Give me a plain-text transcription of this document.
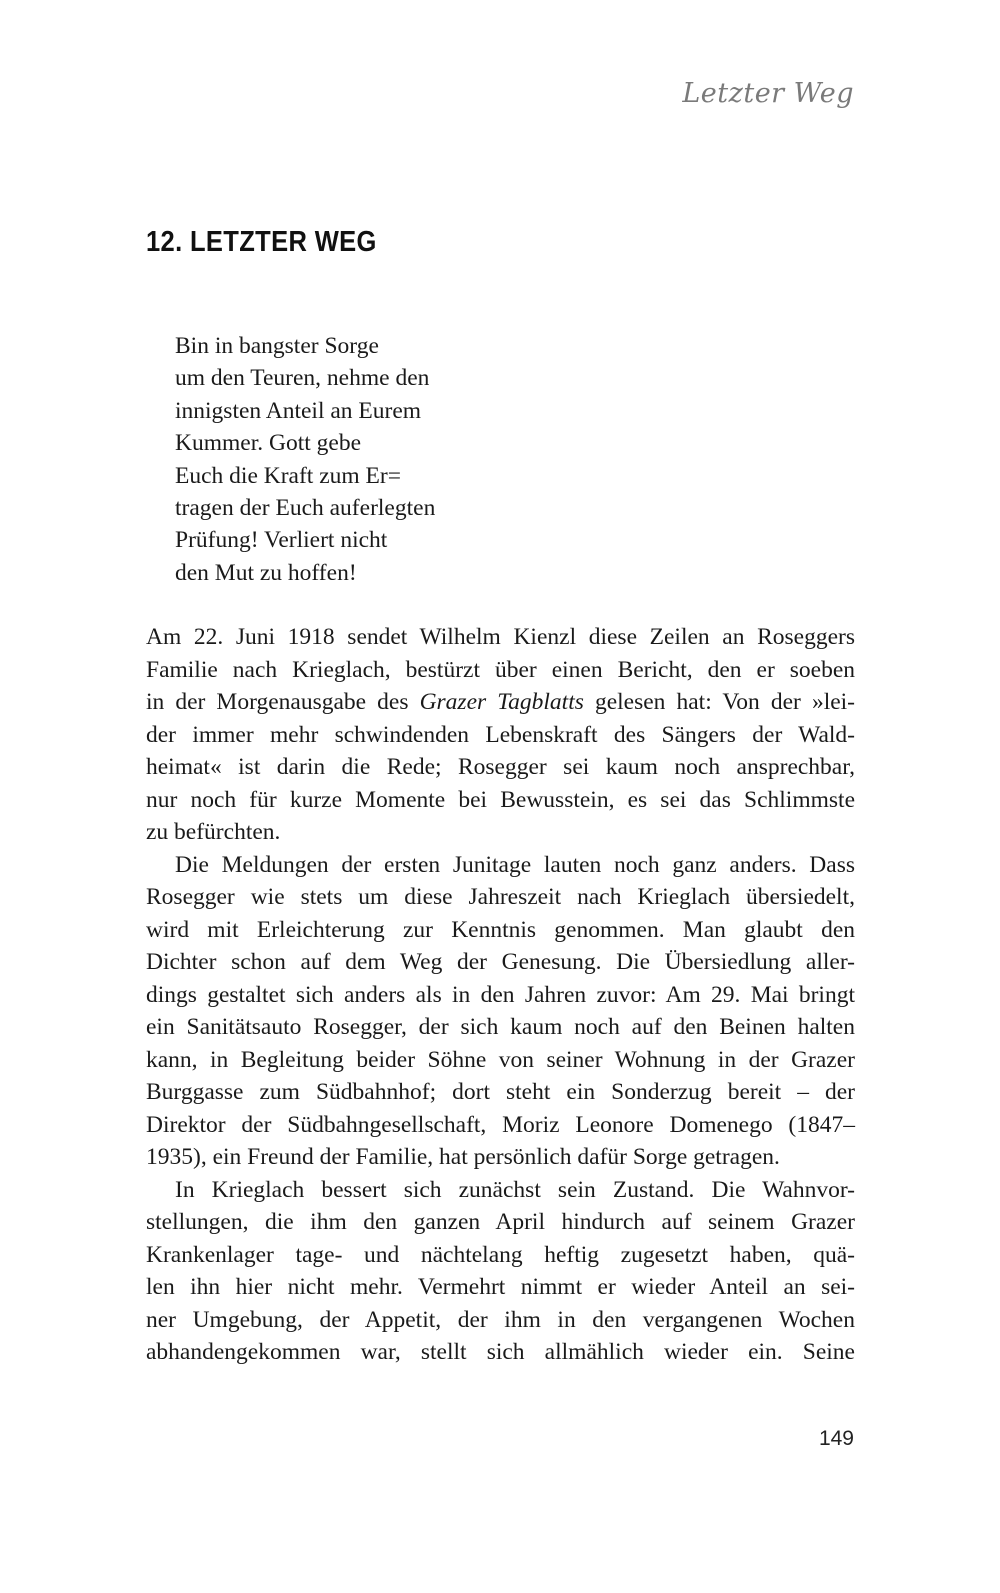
Letzter Weg
12. LETZTER WEG
Bin in bangster Sorge
um den Teuren, nehme den
innigsten Anteil an Eurem
Kummer. Gott gebe
Euch die Kraft zum Er=
tragen der Euch auferlegten
Prüfung! Verliert nicht
den Mut zu hoffen!
Am 22. Juni 1918 sendet Wilhelm Kienzl diese Zeilen an Roseggers
Familie nach Krieglach, bestürzt über einen Bericht, den er soeben
in der Morgenausgabe des Grazer Tagblatts gelesen hat: Von der »lei-
der immer mehr schwindenden Lebenskraft des Sängers der Wald-
heimat« ist darin die Rede; Rosegger sei kaum noch ansprechbar,
nur noch für kurze Momente bei Bewusstein, es sei das Schlimmste
zu befürchten.
Die Meldungen der ersten Junitage lauten noch ganz anders. Dass
Rosegger wie stets um diese Jahreszeit nach Krieglach übersiedelt,
wird mit Erleichterung zur Kenntnis genommen. Man glaubt den
Dichter schon auf dem Weg der Genesung. Die Übersiedlung aller-
dings gestaltet sich anders als in den Jahren zuvor: Am 29. Mai bringt
ein Sanitätsauto Rosegger, der sich kaum noch auf den Beinen halten
kann, in Begleitung beider Söhne von seiner Wohnung in der Grazer
Burggasse zum Südbahnhof; dort steht ein Sonderzug bereit – der
Direktor der Südbahngesellschaft, Moriz Leonore Domenego (1847–
1935), ein Freund der Familie, hat persönlich dafür Sorge getragen.
In Krieglach bessert sich zunächst sein Zustand. Die Wahnvor-
stellungen, die ihm den ganzen April hindurch auf seinem Grazer
Krankenlager tage- und nächtelang heftig zugesetzt haben, quä-
len ihn hier nicht mehr. Vermehrt nimmt er wieder Anteil an sei-
ner Umgebung, der Appetit, der ihm in den vergangenen Wochen
abhandengekommen war, stellt sich allmählich wieder ein. Seine
149
